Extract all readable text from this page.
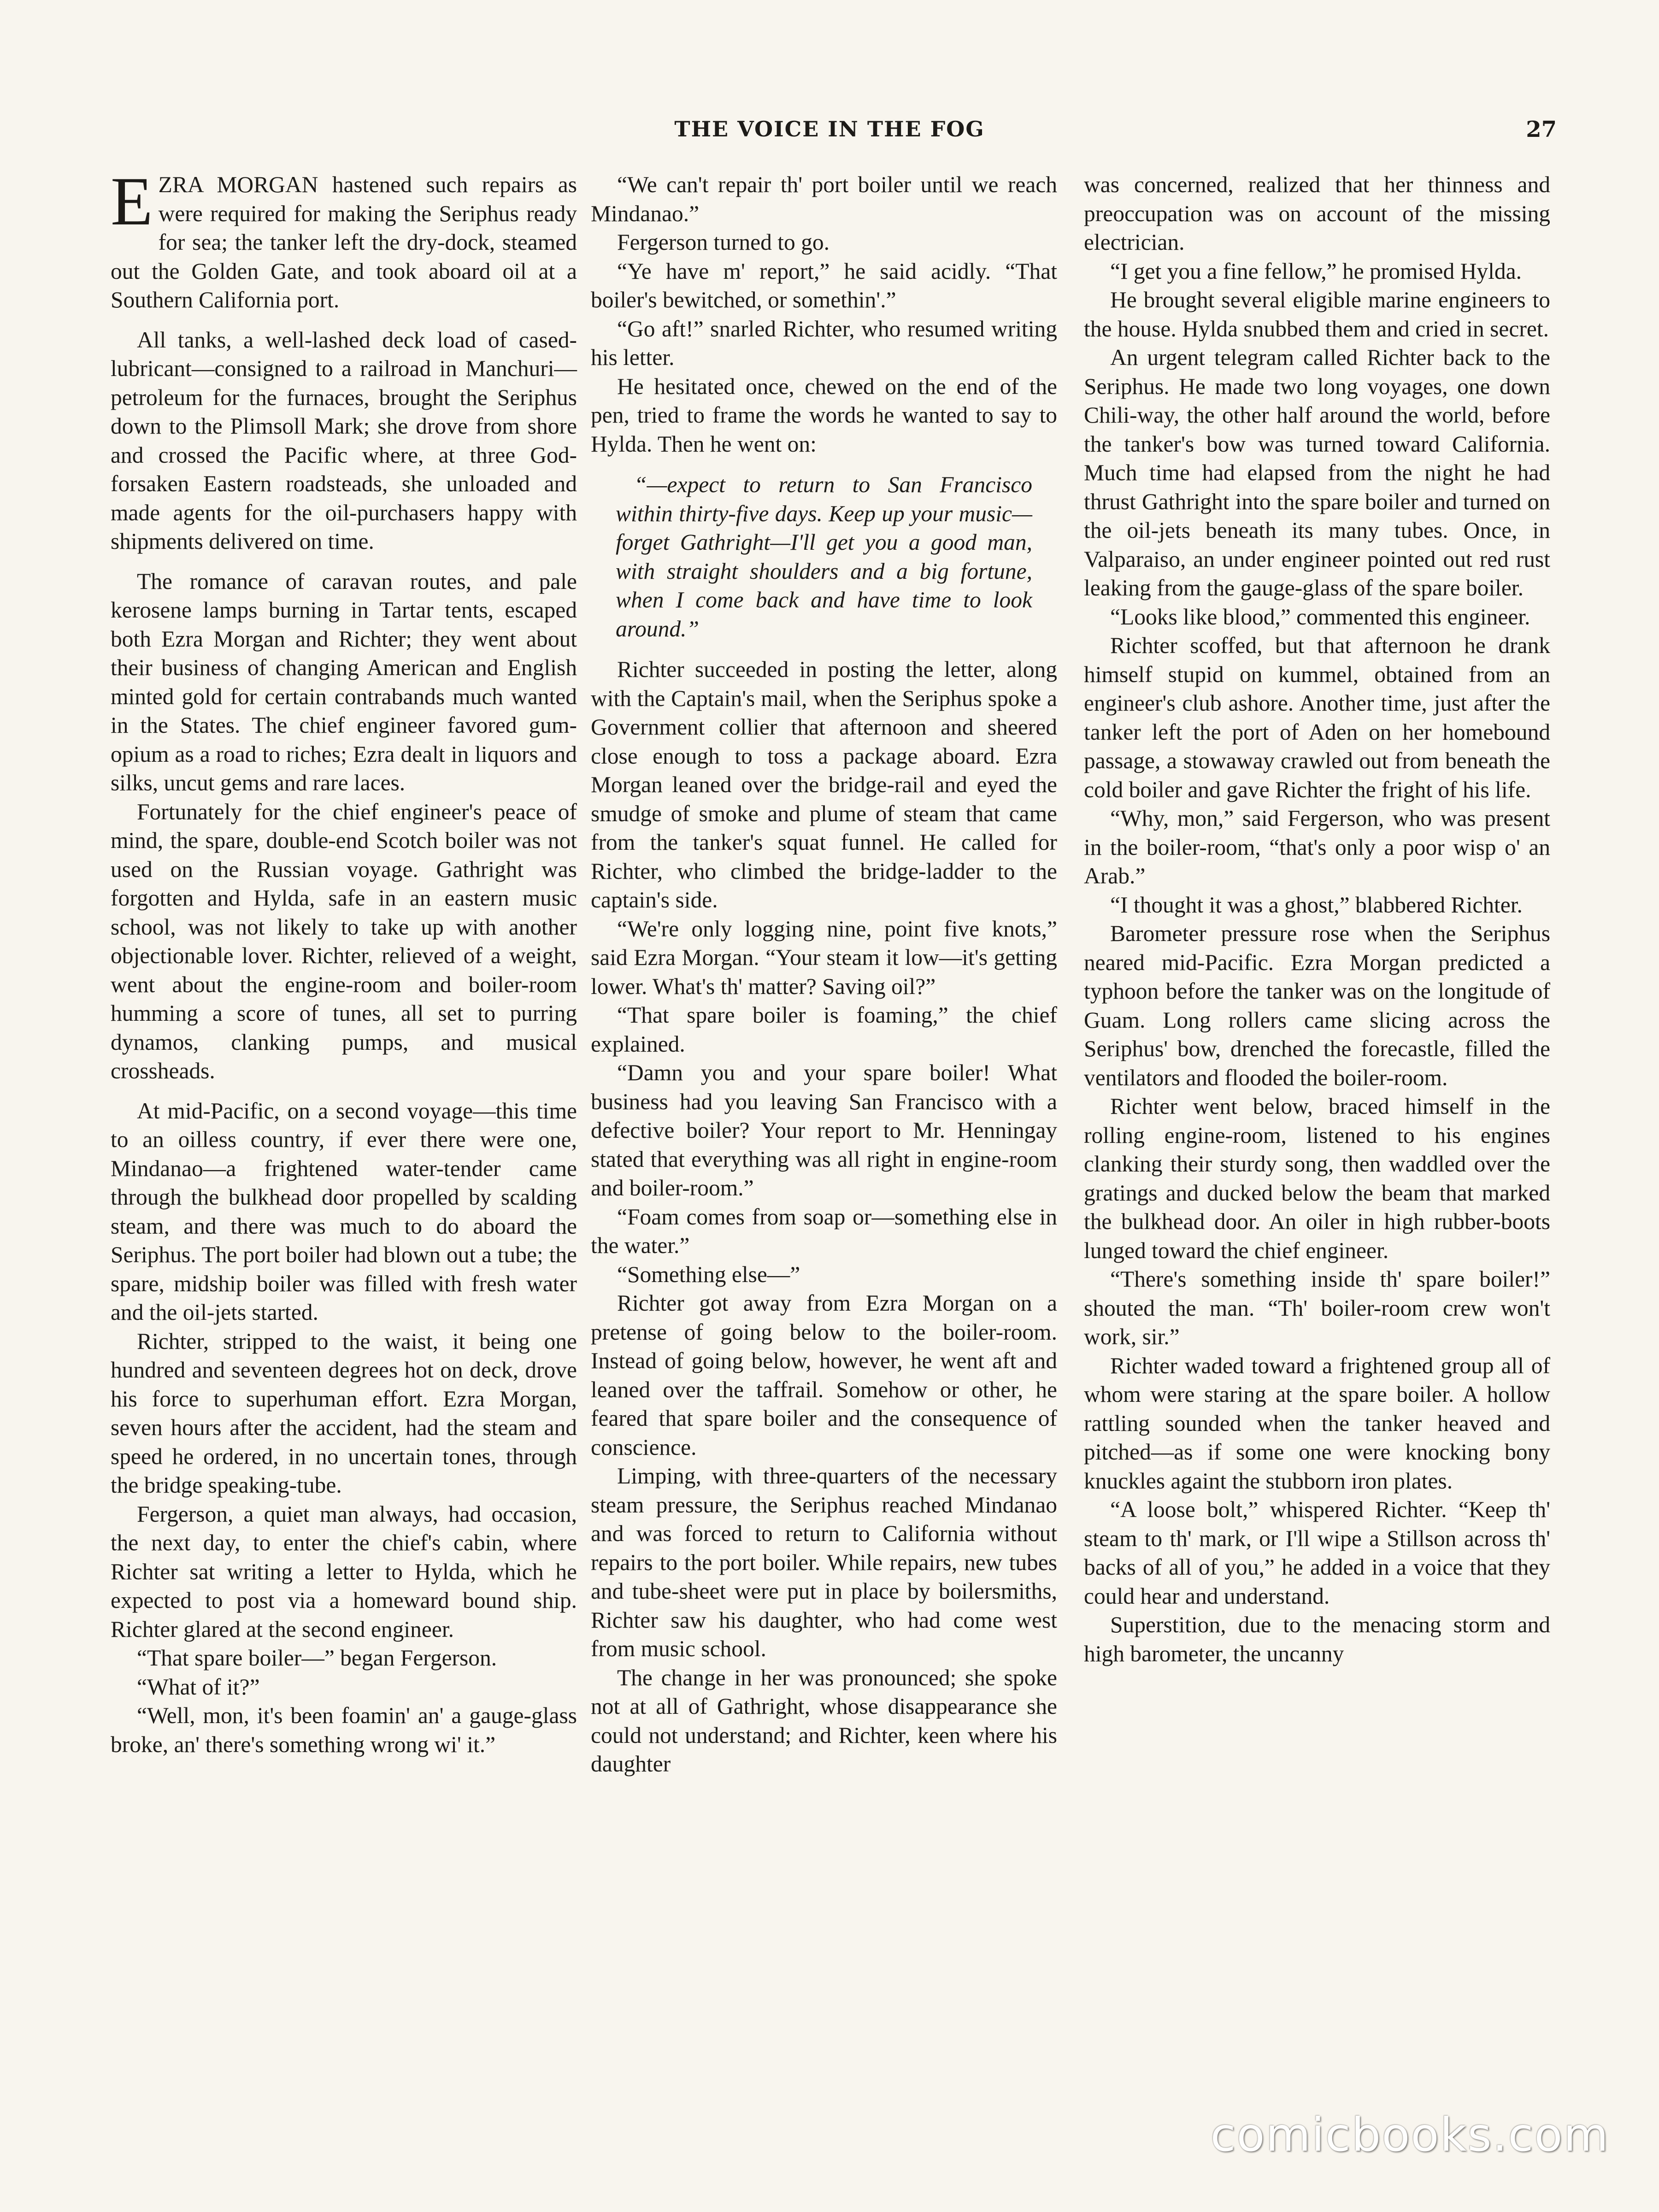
THE VOICE IN THE FOG	27

EZRA MORGAN hastened such repairs as were required for making the Seriphus ready for sea; the tanker left the dry-dock, steamed out the Golden Gate, and took aboard oil at a Southern California port.

All tanks, a well-lashed deck load of cased-lubricant—consigned to a railroad in Manchuri—petroleum for the furnaces, brought the Seriphus down to the Plimsoll Mark; she drove from shore and crossed the Pacific where, at three God-forsaken Eastern roadsteads, she unloaded and made agents for the oil-purchasers happy with shipments delivered on time.

The romance of caravan routes, and pale kerosene lamps burning in Tartar tents, escaped both Ezra Morgan and Richter; they went about their business of changing American and English minted gold for certain contrabands much wanted in the States. The chief engineer favored gum-opium as a road to riches; Ezra dealt in liquors and silks, uncut gems and rare laces.

Fortunately for the chief engineer's peace of mind, the spare, double-end Scotch boiler was not used on the Russian voyage. Gathright was forgotten and Hylda, safe in an eastern music school, was not likely to take up with another objectionable lover. Richter, relieved of a weight, went about the engine-room and boiler-room humming a score of tunes, all set to purring dynamos, clanking pumps, and musical crossheads.

At mid-Pacific, on a second voyage—this time to an oilless country, if ever there were one, Mindanao—a frightened water-tender came through the bulkhead door propelled by scalding steam, and there was much to do aboard the Seriphus. The port boiler had blown out a tube; the spare, midship boiler was filled with fresh water and the oil-jets started.

Richter, stripped to the waist, it being one hundred and seventeen degrees hot on deck, drove his force to superhuman effort. Ezra Morgan, seven hours after the accident, had the steam and speed he ordered, in no uncertain tones, through the bridge speaking-tube.

Fergerson, a quiet man always, had occasion, the next day, to enter the chief's cabin, where Richter sat writing a letter to Hylda, which he expected to post via a homeward bound ship. Richter glared at the second engineer.

“That spare boiler—” began Fergerson.

“What of it?”

“Well, mon, it's been foamin' an' a gauge-glass broke, an' there's something wrong wi' it.”

“We can't repair th' port boiler until we reach Mindanao.”

Fergerson turned to go.

“Ye have m' report,” he said acidly. “That boiler's bewitched, or somethin'.”

“Go aft!” snarled Richter, who resumed writing his letter.

He hesitated once, chewed on the end of the pen, tried to frame the words he wanted to say to Hylda. Then he went on:

“—expect to return to San Francisco within thirty-five days. Keep up your music—forget Gathright—I'll get you a good man, with straight shoulders and a big fortune, when I come back and have time to look around.”

Richter succeeded in posting the letter, along with the Captain's mail, when the Seriphus spoke a Government collier that afternoon and sheered close enough to toss a package aboard. Ezra Morgan leaned over the bridge-rail and eyed the smudge of smoke and plume of steam that came from the tanker's squat funnel. He called for Richter, who climbed the bridge-ladder to the captain's side.

“We're only logging nine, point five knots,” said Ezra Morgan. “Your steam it low—it's getting lower. What's th' matter? Saving oil?”

“That spare boiler is foaming,” the chief explained.

“Damn you and your spare boiler! What business had you leaving San Francisco with a defective boiler? Your report to Mr. Henningay stated that everything was all right in engine-room and boiler-room.”

“Foam comes from soap or—something else in the water.”

“Something else—”

Richter got away from Ezra Morgan on a pretense of going below to the boiler-room. Instead of going below, however, he went aft and leaned over the taffrail. Somehow or other, he feared that spare boiler and the consequence of conscience.

Limping, with three-quarters of the necessary steam pressure, the Seriphus reached Mindanao and was forced to return to California without repairs to the port boiler. While repairs, new tubes and tube-sheet were put in place by boilersmiths, Richter saw his daughter, who had come west from music school.

The change in her was pronounced; she spoke not at all of Gathright, whose disappearance she could not understand; and Richter, keen where his daughter

was concerned, realized that her thinness and preoccupation was on account of the missing electrician.

“I get you a fine fellow,” he promised Hylda.

He brought several eligible marine engineers to the house. Hylda snubbed them and cried in secret.

An urgent telegram called Richter back to the Seriphus. He made two long voyages, one down Chili-way, the other half around the world, before the tanker's bow was turned toward California. Much time had elapsed from the night he had thrust Gathright into the spare boiler and turned on the oil-jets beneath its many tubes. Once, in Valparaiso, an under engineer pointed out red rust leaking from the gauge-glass of the spare boiler.

“Looks like blood,” commented this engineer.

Richter scoffed, but that afternoon he drank himself stupid on kummel, obtained from an engineer's club ashore. Another time, just after the tanker left the port of Aden on her homebound passage, a stowaway crawled out from beneath the cold boiler and gave Richter the fright of his life.

“Why, mon,” said Fergerson, who was present in the boiler-room, “that's only a poor wisp o' an Arab.”

“I thought it was a ghost,” blabbered Richter.

Barometer pressure rose when the Seriphus neared mid-Pacific. Ezra Morgan predicted a typhoon before the tanker was on the longitude of Guam. Long rollers came slicing across the Seriphus' bow, drenched the forecastle, filled the ventilators and flooded the boiler-room.

Richter went below, braced himself in the rolling engine-room, listened to his engines clanking their sturdy song, then waddled over the gratings and ducked below the beam that marked the bulkhead door. An oiler in high rubber-boots lunged toward the chief engineer.

“There's something inside th' spare boiler!” shouted the man. “Th' boiler-room crew won't work, sir.”

Richter waded toward a frightened group all of whom were staring at the spare boiler. A hollow rattling sounded when the tanker heaved and pitched—as if some one were knocking bony knuckles againt the stubborn iron plates.

“A loose bolt,” whispered Richter. “Keep th' steam to th' mark, or I'll wipe a Stillson across th' backs of all of you,” he added in a voice that they could hear and understand.

Superstition, due to the menacing storm and high barometer, the uncanny

comicbooks.com
